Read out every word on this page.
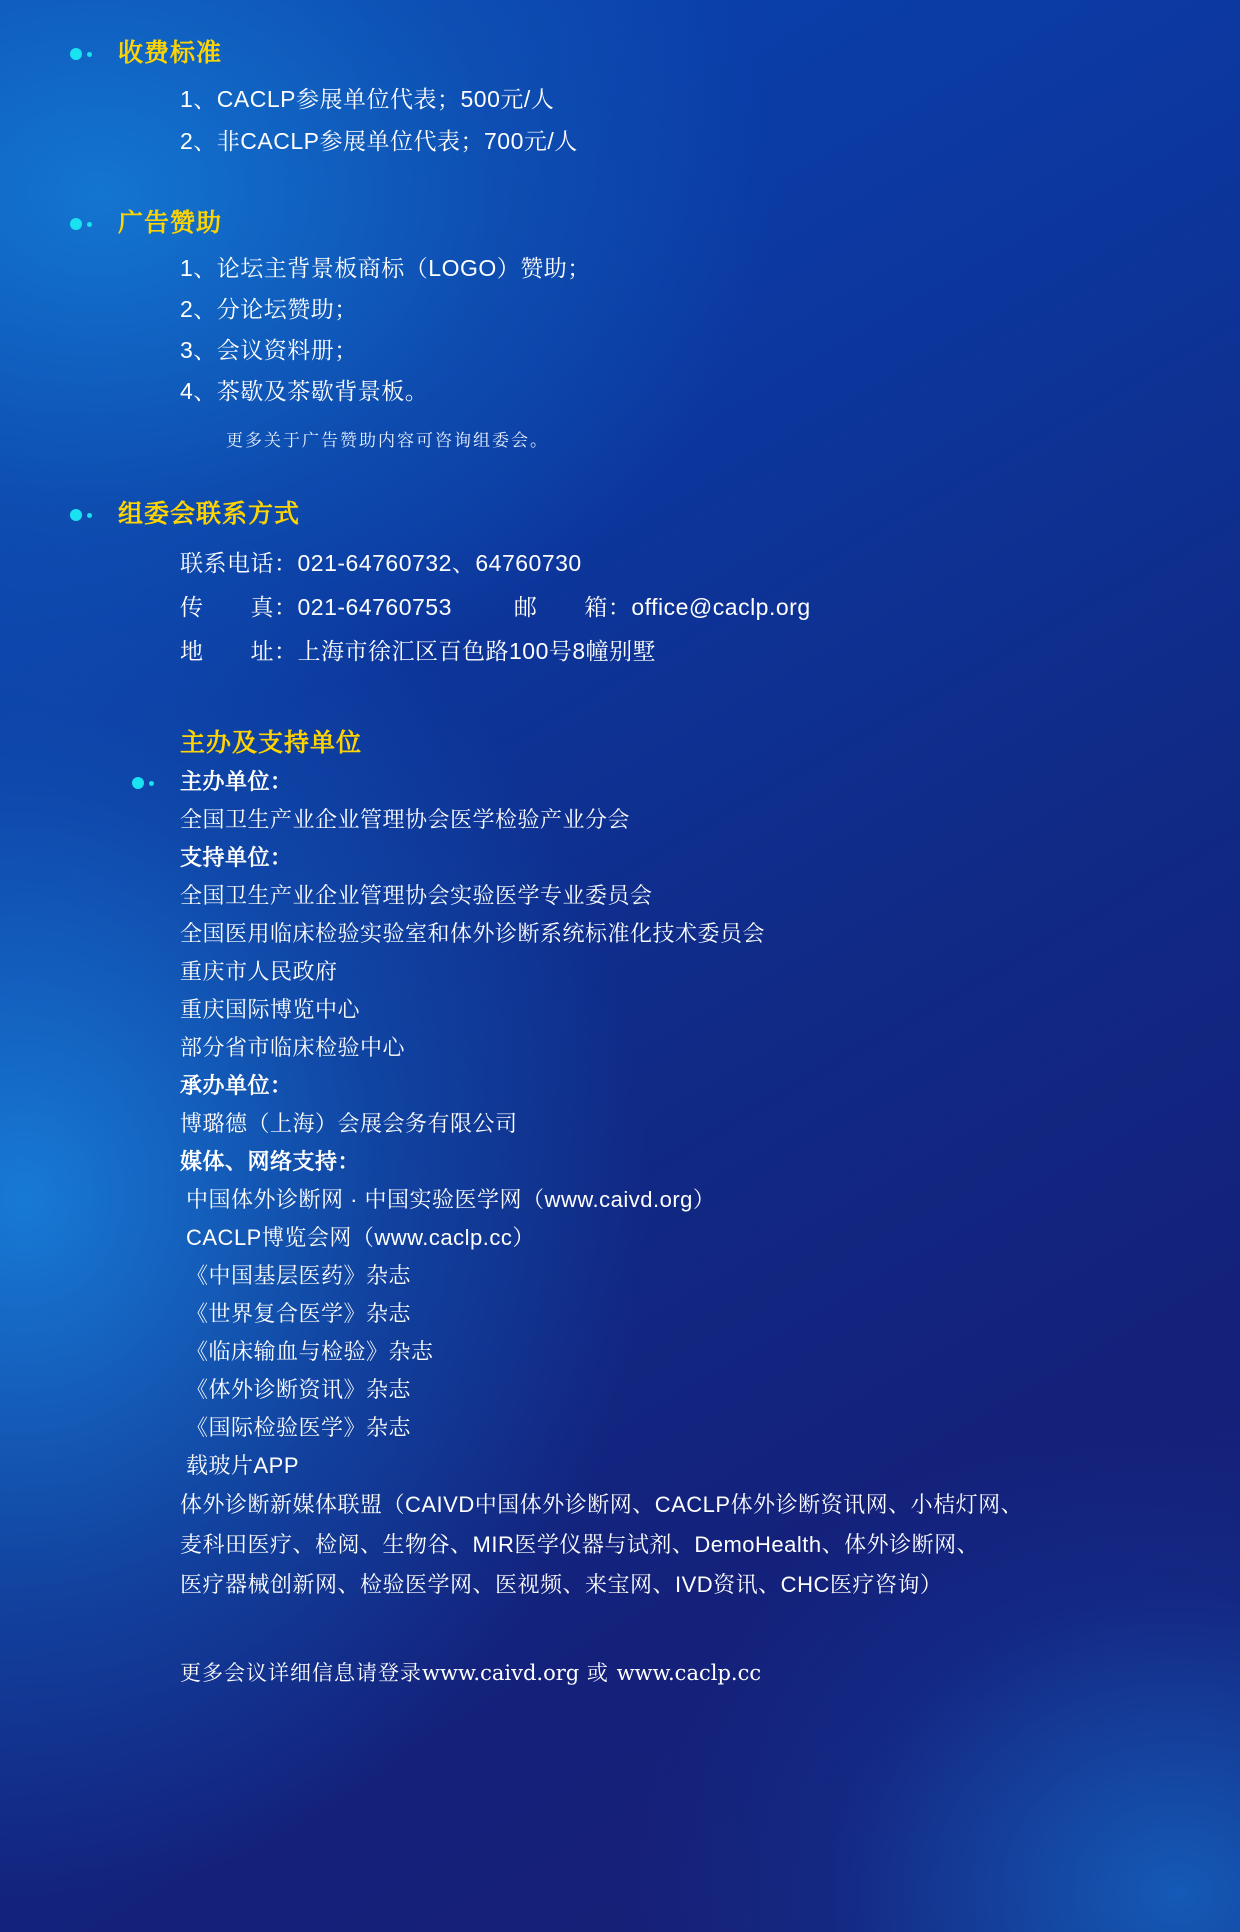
收费标准
1、CACLP参展单位代表；500元/人
2、非CACLP参展单位代表；700元/人
广告赞助
1、论坛主背景板商标（LOGO）赞助；
2、分论坛赞助；
3、会议资料册；
4、茶歇及茶歇背景板。
更多关于广告赞助内容可咨询组委会。
组委会联系方式
联系电话：021-64760732、64760730
传　　真：021-64760753	邮　　箱：office@caclp.org
地　　址：上海市徐汇区百色路100号8幢别墅
主办及支持单位
主办单位：
全国卫生产业企业管理协会医学检验产业分会
支持单位：
全国卫生产业企业管理协会实验医学专业委员会
全国医用临床检验实验室和体外诊断系统标准化技术委员会
重庆市人民政府
重庆国际博览中心
部分省市临床检验中心
承办单位：
博璐德（上海）会展会务有限公司
媒体、网络支持：
中国体外诊断网 · 中国实验医学网（www.caivd.org）
CACLP博览会网（www.caclp.cc）
《中国基层医药》杂志
《世界复合医学》杂志
《临床输血与检验》杂志
《体外诊断资讯》杂志
《国际检验医学》杂志
载玻片APP
体外诊断新媒体联盟（CAIVD中国体外诊断网、CACLP体外诊断资讯网、小桔灯网、
麦科田医疗、检阅、生物谷、MIR医学仪器与试剂、DemoHealth、体外诊断网、
医疗器械创新网、检验医学网、医视频、来宝网、IVD资讯、CHC医疗咨询）
更多会议详细信息请登录www.caivd.org 或 www.caclp.cc
